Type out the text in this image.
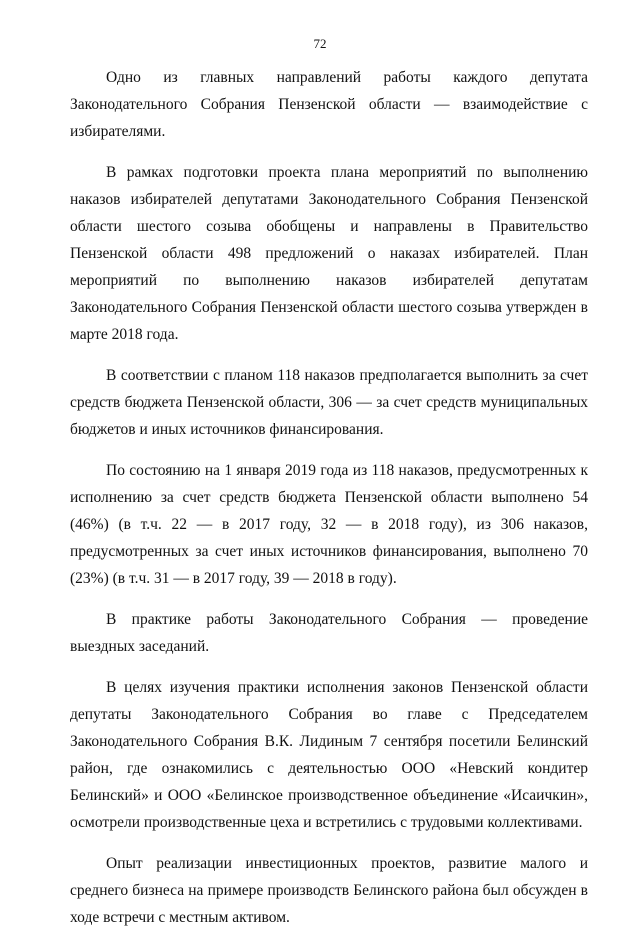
72

Одно из главных направлений работы каждого депутата Законодательного Собрания Пензенской области — взаимодействие с избирателями.

В рамках подготовки проекта плана мероприятий по выполнению наказов избирателей депутатами Законодательного Собрания Пензенской области шестого созыва обобщены и направлены в Правительство Пензенской области 498 предложений о наказах избирателей. План мероприятий по выполнению наказов избирателей депутатам Законодательного Собрания Пензенской области шестого созыва утвержден в марте 2018 года.

В соответствии с планом 118 наказов предполагается выполнить за счет средств бюджета Пензенской области, 306 — за счет средств муниципальных бюджетов и иных источников финансирования.

По состоянию на 1 января 2019 года из 118 наказов, предусмотренных к исполнению за счет средств бюджета Пензенской области выполнено 54 (46%) (в т.ч. 22 — в 2017 году, 32 — в 2018 году), из 306 наказов, предусмотренных за счет иных источников финансирования, выполнено 70 (23%) (в т.ч. 31 — в 2017 году, 39 — 2018 в году).

В практике работы Законодательного Собрания — проведение выездных заседаний.

В целях изучения практики исполнения законов Пензенской области депутаты Законодательного Собрания во главе с Председателем Законодательного Собрания В.К. Лидиным 7 сентября посетили Белинский район, где ознакомились с деятельностью ООО «Невский кондитер Белинский» и ООО «Белинское производственное объединение «Исаичкин», осмотрели производственные цеха и встретились с трудовыми коллективами.

Опыт реализации инвестиционных проектов, развитие малого и среднего бизнеса на примере производств Белинского района был обсужден в ходе встречи с местным активом.
